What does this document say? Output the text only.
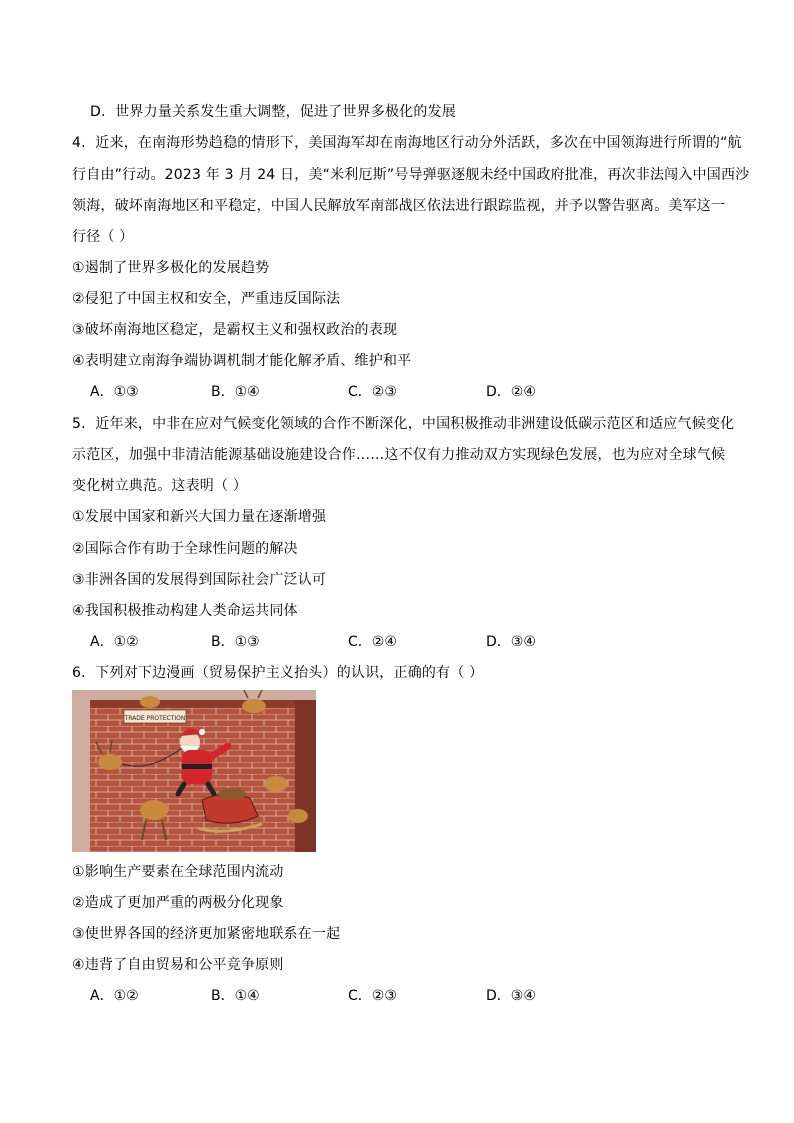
D．世界力量关系发生重大调整，促进了世界多极化的发展
4．近来，在南海形势趋稳的情形下，美国海军却在南海地区行动分外活跃，多次在中国领海进行所谓的“航
行自由”行动。2023 年 3 月 24 日，美“米利厄斯”号导弹驱逐舰未经中国政府批准，再次非法闯入中国西沙
领海，破坏南海地区和平稳定，中国人民解放军南部战区依法进行跟踪监视，并予以警告驱离。美军这一
行径（ ）
①遏制了世界多极化的发展趋势
②侵犯了中国主权和安全，严重违反国际法
③破坏南海地区稳定，是霸权主义和强权政治的表现
④表明建立南海争端协调机制才能化解矛盾、维护和平
A．①③	B．①④	C．②③	D．②④
5．近年来，中非在应对气候变化领域的合作不断深化，中国积极推动非洲建设低碳示范区和适应气候变化
示范区，加强中非清洁能源基础设施建设合作……这不仅有力推动双方实现绿色发展，也为应对全球气候
变化树立典范。这表明（ ）
①发展中国家和新兴大国力量在逐渐增强
②国际合作有助于全球性问题的解决
③非洲各国的发展得到国际社会广泛认可
④我国积极推动构建人类命运共同体
A．①②	B．①③	C．②④	D．③④
6．下列对下边漫画（贸易保护主义抬头）的认识，正确的有（ ）
TRADE PROTECTION
①影响生产要素在全球范围内流动
②造成了更加严重的两极分化现象
③使世界各国的经济更加紧密地联系在一起
④违背了自由贸易和公平竞争原则
A．①②	B．①④	C．②③	D．③④
